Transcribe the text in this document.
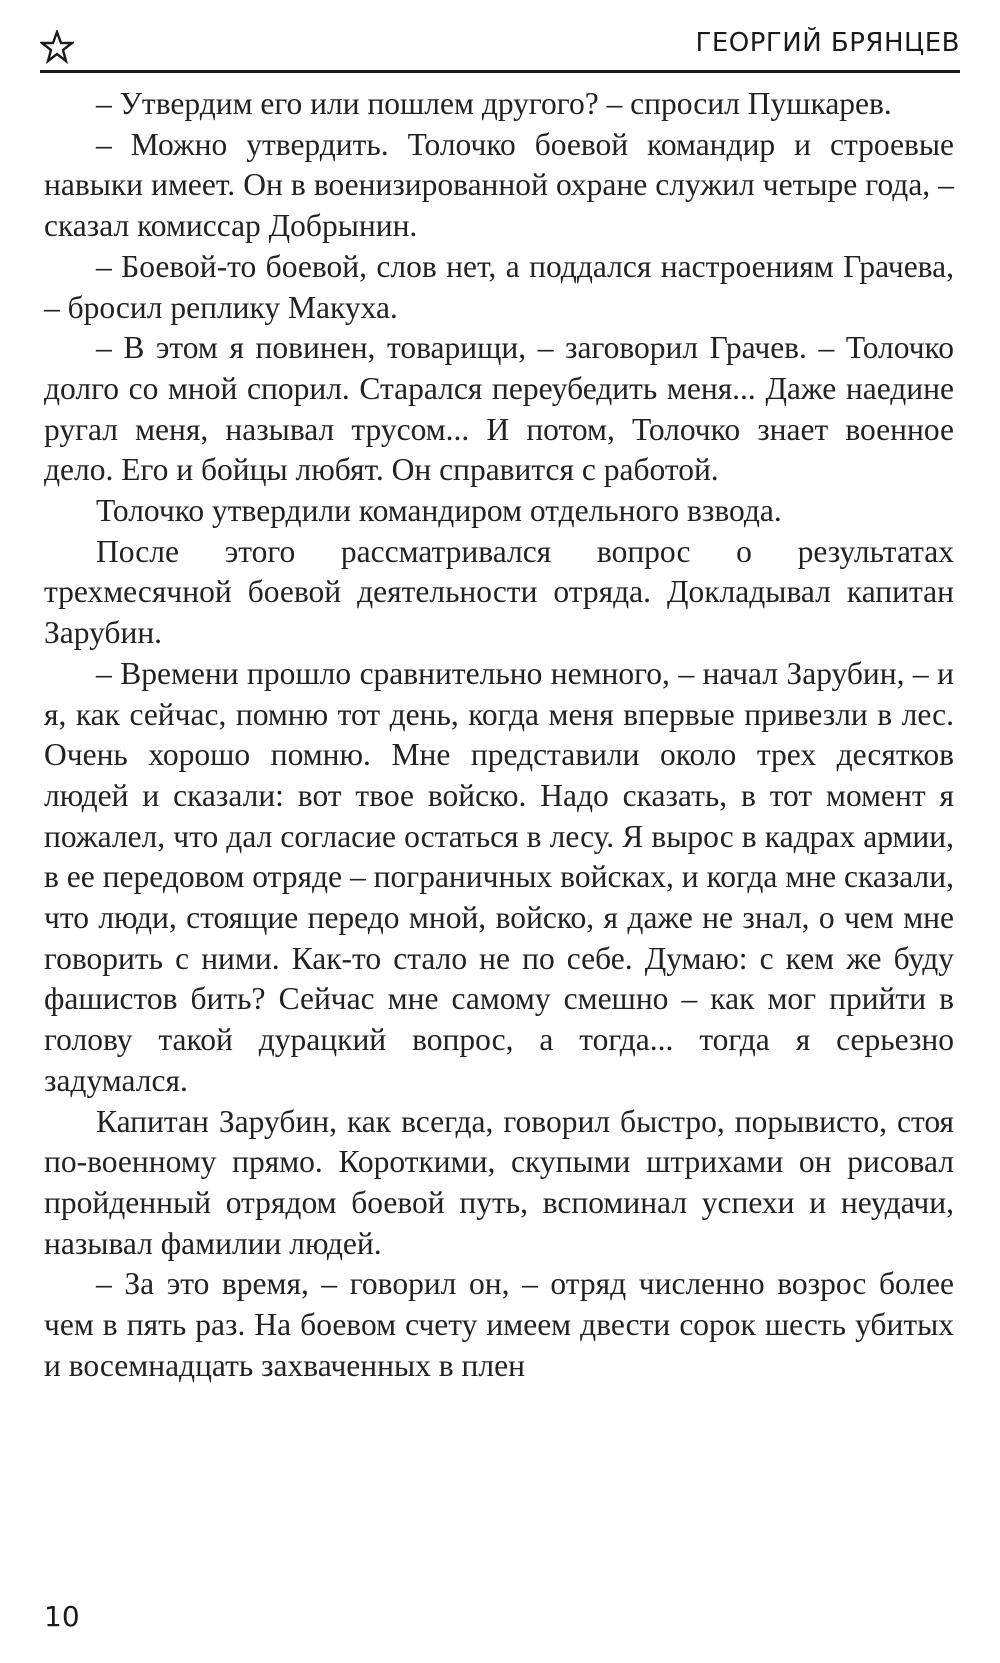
ГЕОРГИЙ БРЯНЦЕВ

– Утвердим его или пошлем другого? – спросил Пушкарев.

– Можно утвердить. Толочко боевой командир и строевые навыки имеет. Он в военизированной охране служил четыре года, – сказал комиссар Добрынин.

– Боевой-то боевой, слов нет, а поддался настроениям Грачева, – бросил реплику Макуха.

– В этом я повинен, товарищи, – заговорил Грачев. – Толочко долго со мной спорил. Старался переубедить меня... Даже наедине ругал меня, называл трусом... И потом, Толочко знает военное дело. Его и бойцы любят. Он справится с работой.

Толочко утвердили командиром отдельного взвода.

После этого рассматривался вопрос о результатах трехмесячной боевой деятельности отряда. Докладывал капитан Зарубин.

– Времени прошло сравнительно немного, – начал Зарубин, – и я, как сейчас, помню тот день, когда меня впервые привезли в лес. Очень хорошо помню. Мне представили около трех десятков людей и сказали: вот твое войско. Надо сказать, в тот момент я пожалел, что дал согласие остаться в лесу. Я вырос в кадрах армии, в ее передовом отряде – пограничных войсках, и когда мне сказали, что люди, стоящие передо мной, войско, я даже не знал, о чем мне говорить с ними. Как-то стало не по себе. Думаю: с кем же буду фашистов бить? Сейчас мне самому смешно – как мог прийти в голову такой дурацкий вопрос, а тогда... тогда я серьезно задумался.

Капитан Зарубин, как всегда, говорил быстро, порывисто, стоя по-военному прямо. Короткими, скупыми штрихами он рисовал пройденный отрядом боевой путь, вспоминал успехи и неудачи, называл фамилии людей.

– За это время, – говорил он, – отряд численно возрос более чем в пять раз. На боевом счету имеем двести сорок шесть убитых и восемнадцать захваченных в плен

10
